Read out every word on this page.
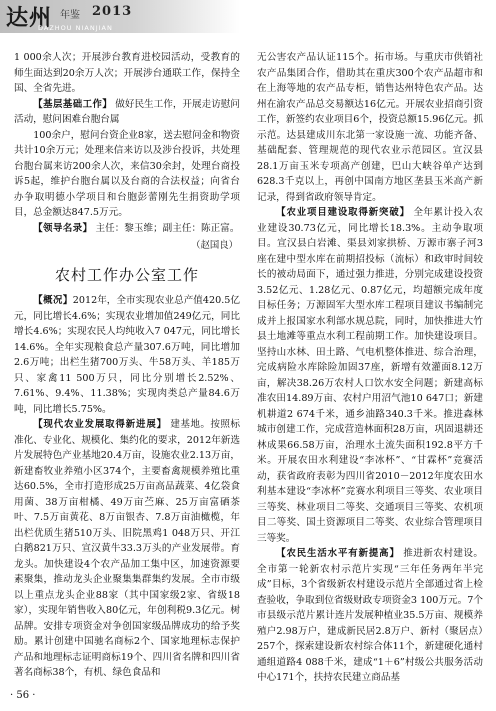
达州 年鉴 2013
DAZHOU NIANJIAN

1 000余人次；开展涉台教育进校园活动，受教育的师生面达到20余万人次；开展涉台通联工作，保持全国、全省先进。

【基层基础工作】 做好民生工作，开展走访慰问活动，慰问困难台胞台属

100余户，慰问台资企业8家，送去慰问金和物资共计10余万元；处理来信来访以及涉台投诉，共处理台胞台属来访200余人次，来信30余封，处理台商投诉5起，维护台胞台属以及台商的合法权益；向省台办争取明德小学项目和台胞彭蕾刚先生捐资助学项目，总金额达847.5万元。

【领导名录】 主任：黎玉维；副主任：陈正富。

（赵国良）
农村工作办公室工作

【概况】2012年，全市实现农业总产值420.5亿元，同比增长4.6%；实现农业增加值249亿元，同比增长4.6%；实现农民人均纯收入7 047元，同比增长14.6%。全年实现粮食总产量307.6万吨，同比增加2.6万吨；出栏生猪700万头、牛58万头、羊185万只、家禽11 500万只，同比分别增长2.52%、7.61%、9.4%、11.38%；实现肉类总产量84.6万吨，同比增长5.75%。

【现代农业发展取得新进展】 建基地。按照标准化、专业化、规模化、集约化的要求，2012年新选片发展特色产业基地20.4万亩，设施农业2.13万亩，新建畜牧业养殖小区374个，主要畜禽规模养殖比重达60.5%，全市打造形成25万亩高品蔬菜、4亿袋食用菌、38万亩柑橘、49万亩苎麻、25万亩富硒茶叶、7.5万亩黄花、8万亩银杏、7.8万亩油橄榄，年出栏优质生猪510万头、旧院黑鸡1 048万只、开江白鹅821万只、宣汉黄牛33.3万头的产业发展带。育龙头。加快建设4个农产品加工集中区，加速资源要素聚集，推动龙头企业聚集集群集约发展。全市市级以上重点龙头企业88家（其中国家级2家、省级18家），实现年销售收入80亿元，年创利税9.3亿元。树品牌。安排专项资金对争创国家级品牌成功的给予奖励。累计创建中国驰名商标2个、国家地理标志保护产品和地理标志证明商标19个、四川省名牌和四川省著名商标38个，有机、绿色食品和

无公害农产品认证115个。拓市场。与重庆市供销社农产品集团合作，借助其在重庆300个农产品超市和在上海等地的农产品专柜，销售达州特色农产品。达州在渝农产品总交易额达16亿元。开展农业招商引资工作，新签约农业项目6个，投资总额15.96亿元。抓示范。达县建成川东北第一家设施一流、功能齐备、基础配套、管理规范的现代农业示范园区。宣汉县28.1万亩玉米专项高产创建，巴山大峡谷单产达到628.3千克以上，再创中国南方地区垄县玉米高产新记录，得到省政府领导肯定。

【农业项目建设取得新突破】 全年累计投入农业建设30.73亿元，同比增长18.3%。主动争取项目。宣汉县白岩滩、渠县刘家拱桥、万源市寨子河3座在建中型水库在前期招投标（流标）和政审时间较长的被动局面下，通过强力推进，分别完成建设投资3.52亿元、1.28亿元、0.87亿元，均超额完成年度目标任务；万源固军大型水库工程项目建议书编制完成并上报国家水利部水规总院，同时，加快推进大竹县土地滩等重点水利工程前期工作。加快建设项目。坚持山水林、田土路、气电机整体推进、综合治理，完成病险水库除险加固37座，新增有效灌面8.12万亩，解决38.26万农村人口饮水安全问题；新建高标准农田14.89万亩、农村户用沼气池10 647口；新建机耕道2 674千米，通乡油路340.3千米。推进森林城市创建工作，完成营造林面积28万亩，巩固退耕还林成果66.58万亩，治理水土流失面积192.8平方千米。开展农田水利建设“李冰杯”、“甘霖杯”竞赛活动，获省政府表彰为四川省2010－2012年度农田水利基本建设“李冰杯”竞赛水利项目三等奖、农业项目三等奖、林业项目二等奖、交通项目三等奖、农机项目二等奖、国土资源项目二等奖、农业综合管理项目三等奖。

【农民生活水平有新提高】 推进新农村建设。全市第一轮新农村示范片实现“三年任务两年半完成”目标，3个省级新农村建设示范片全部通过省上检查验收，争取到位省级财政专项资金3 100万元。7个市县级示范片累计连片发展种植业35.5万亩、规模养殖户2.98万户，建成新民居2.8万户、新村（聚居点）257个，探索建设新农村综合体11个，新建硬化通村通组道路4 088千米，建成“1＋6”村级公共服务活动中心171个，扶持农民建立商品基

· 56 ·
